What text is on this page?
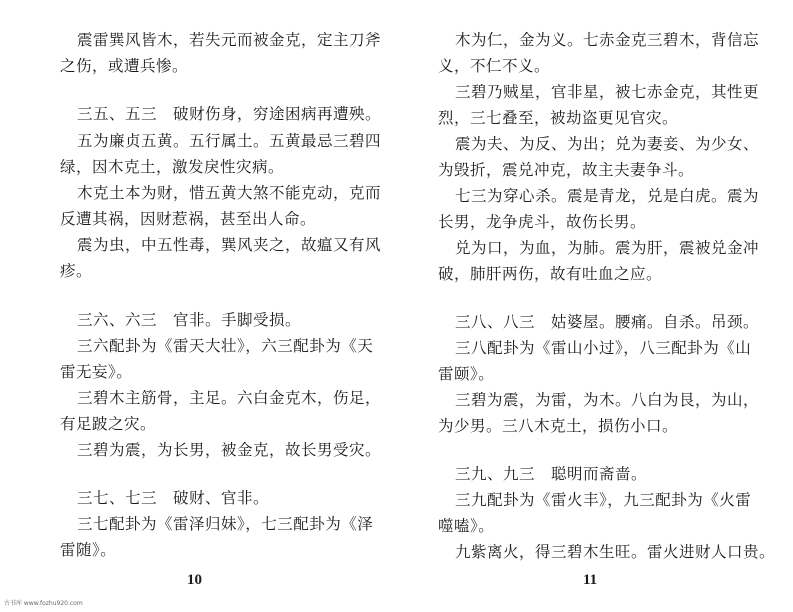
震雷巽风皆木，若失元而被金克，定主刀斧
之伤，或遭兵惨。
三五、五三　破财伤身，穷途困病再遭殃。
五为廉贞五黄。五行属土。五黄最忌三碧四
绿，因木克土，激发戾性灾病。
木克土本为财，惜五黄大煞不能克动，克而
反遭其祸，因财惹祸，甚至出人命。
震为虫，中五性毒，巽风夹之，故瘟又有风
疹。
三六、六三　官非。手脚受损。
三六配卦为《雷天大壮》，六三配卦为《天
雷无妄》。
三碧木主筋骨，主足。六白金克木，伤足，
有足跛之灾。
三碧为震，为长男，被金克，故长男受灾。
三七、七三　破财、官非。
三七配卦为《雷泽归妹》，七三配卦为《泽
雷随》。
10
木为仁，金为义。七赤金克三碧木，背信忘
义，不仁不义。
三碧乃贼星，官非星，被七赤金克，其性更
烈，三七叠至，被劫盗更见官灾。
震为夫、为反、为出；兑为妻妾、为少女、
为毁折，震兑冲克，故主夫妻争斗。
七三为穿心杀。震是青龙，兑是白虎。震为
长男，龙争虎斗，故伤长男。
兑为口，为血，为肺。震为肝，震被兑金冲
破，肺肝两伤，故有吐血之应。
三八、八三　姑婆屋。腰痛。自杀。吊颈。
三八配卦为《雷山小过》，八三配卦为《山
雷颐》。
三碧为震，为雷，为木。八白为艮，为山，
为少男。三八木克土，损伤小口。
三九、九三　聪明而斋啬。
三九配卦为《雷火丰》，九三配卦为《火雷
噬嗑》。
九紫离火，得三碧木生旺。雷火进财人口贵。
11
古书库 www.fozhu920.com
